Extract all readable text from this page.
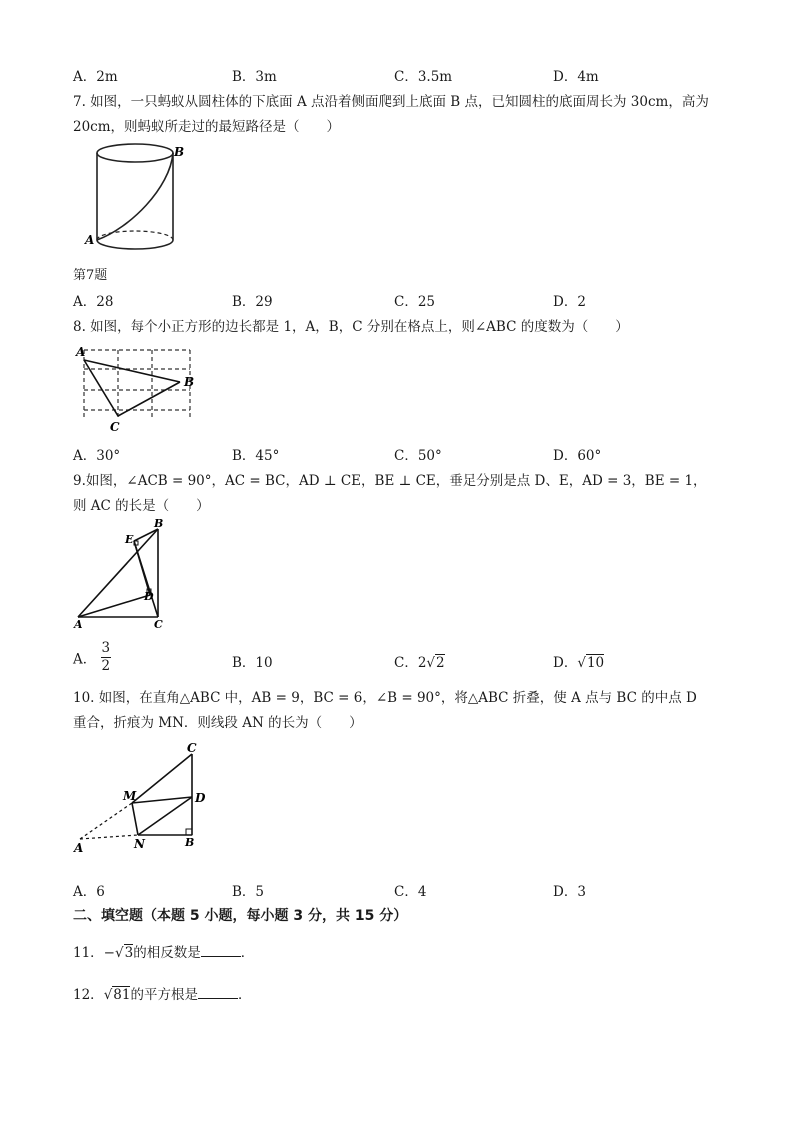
A．2m	B．3m	C．3.5m	D．4m
7. 如图，一只蚂蚁从圆柱体的下底面 A 点沿着侧面爬到上底面 B 点，已知圆柱的底面周长为 30cm，高为
20cm，则蚂蚁所走过的最短路径是（　　）
B
A
第7题
A．28	B．29	C．25	D．2
8. 如图，每个小正方形的边长都是 1，A，B，C 分别在格点上，则∠ABC 的度数为（　　）
A
B
C
A．30°	B．45°	C．50°	D．60°
9.如图，∠ACB = 90°，AC = BC，AD ⊥ CE，BE ⊥ CE，垂足分别是点 D、E，AD = 3，BE = 1，
则 AC 的长是（　　）
B
E
D
A	C
A． $\frac{3}{2}$	B．10	C．2√2	D．√10
10. 如图，在直角△ABC 中，AB = 9，BC = 6，∠B = 90°，将△ABC 折叠，使 A 点与 BC 的中点 D
重合，折痕为 MN．则线段 AN 的长为（　　）
C
M	D
A	N	B
A．6	B．5	C．4	D．3
二、填空题（本题 5 小题，每小题 3 分，共 15 分）
11．−√3的相反数是	．
12．√81的平方根是	．
